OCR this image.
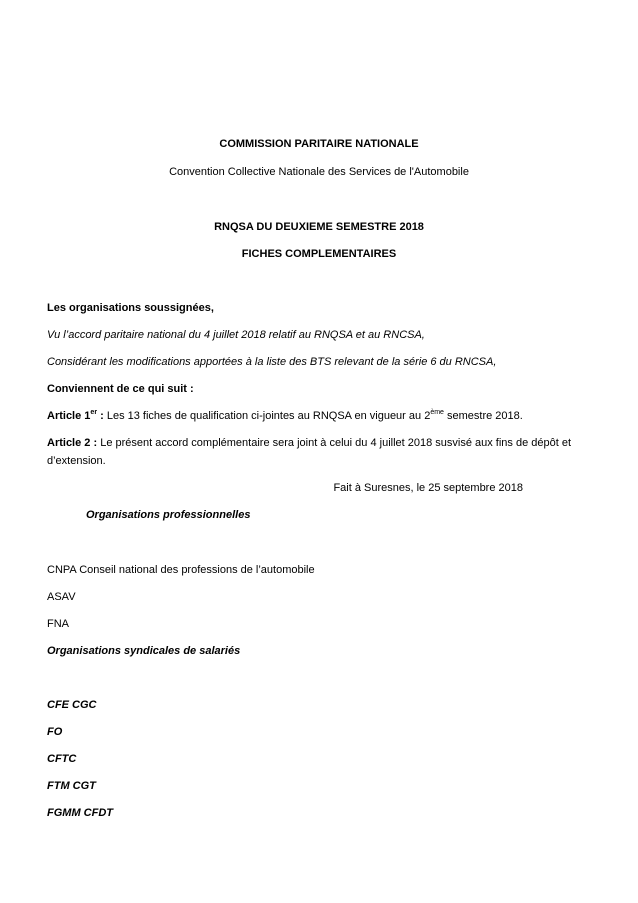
COMMISSION PARITAIRE NATIONALE
Convention Collective Nationale des Services de l'Automobile
RNQSA DU DEUXIEME SEMESTRE 2018
FICHES COMPLEMENTAIRES
Les organisations soussignées,
Vu l’accord paritaire national du 4 juillet 2018 relatif au RNQSA et au RNCSA,
Considérant les modifications apportées à la liste des BTS relevant de la série 6 du RNCSA,
Conviennent de ce qui suit :
Article 1er : Les 13 fiches de qualification ci-jointes au RNQSA en vigueur au 2ème semestre 2018.
Article 2 : Le présent accord complémentaire sera joint à celui du 4 juillet 2018 susvisé aux fins de dépôt et
d’extension.
Fait à Suresnes, le 25 septembre 2018
Organisations professionnelles
CNPA Conseil national des professions de l’automobile
ASAV
FNA
Organisations syndicales de salariés
CFE CGC
FO
CFTC
FTM CGT
FGMM CFDT
